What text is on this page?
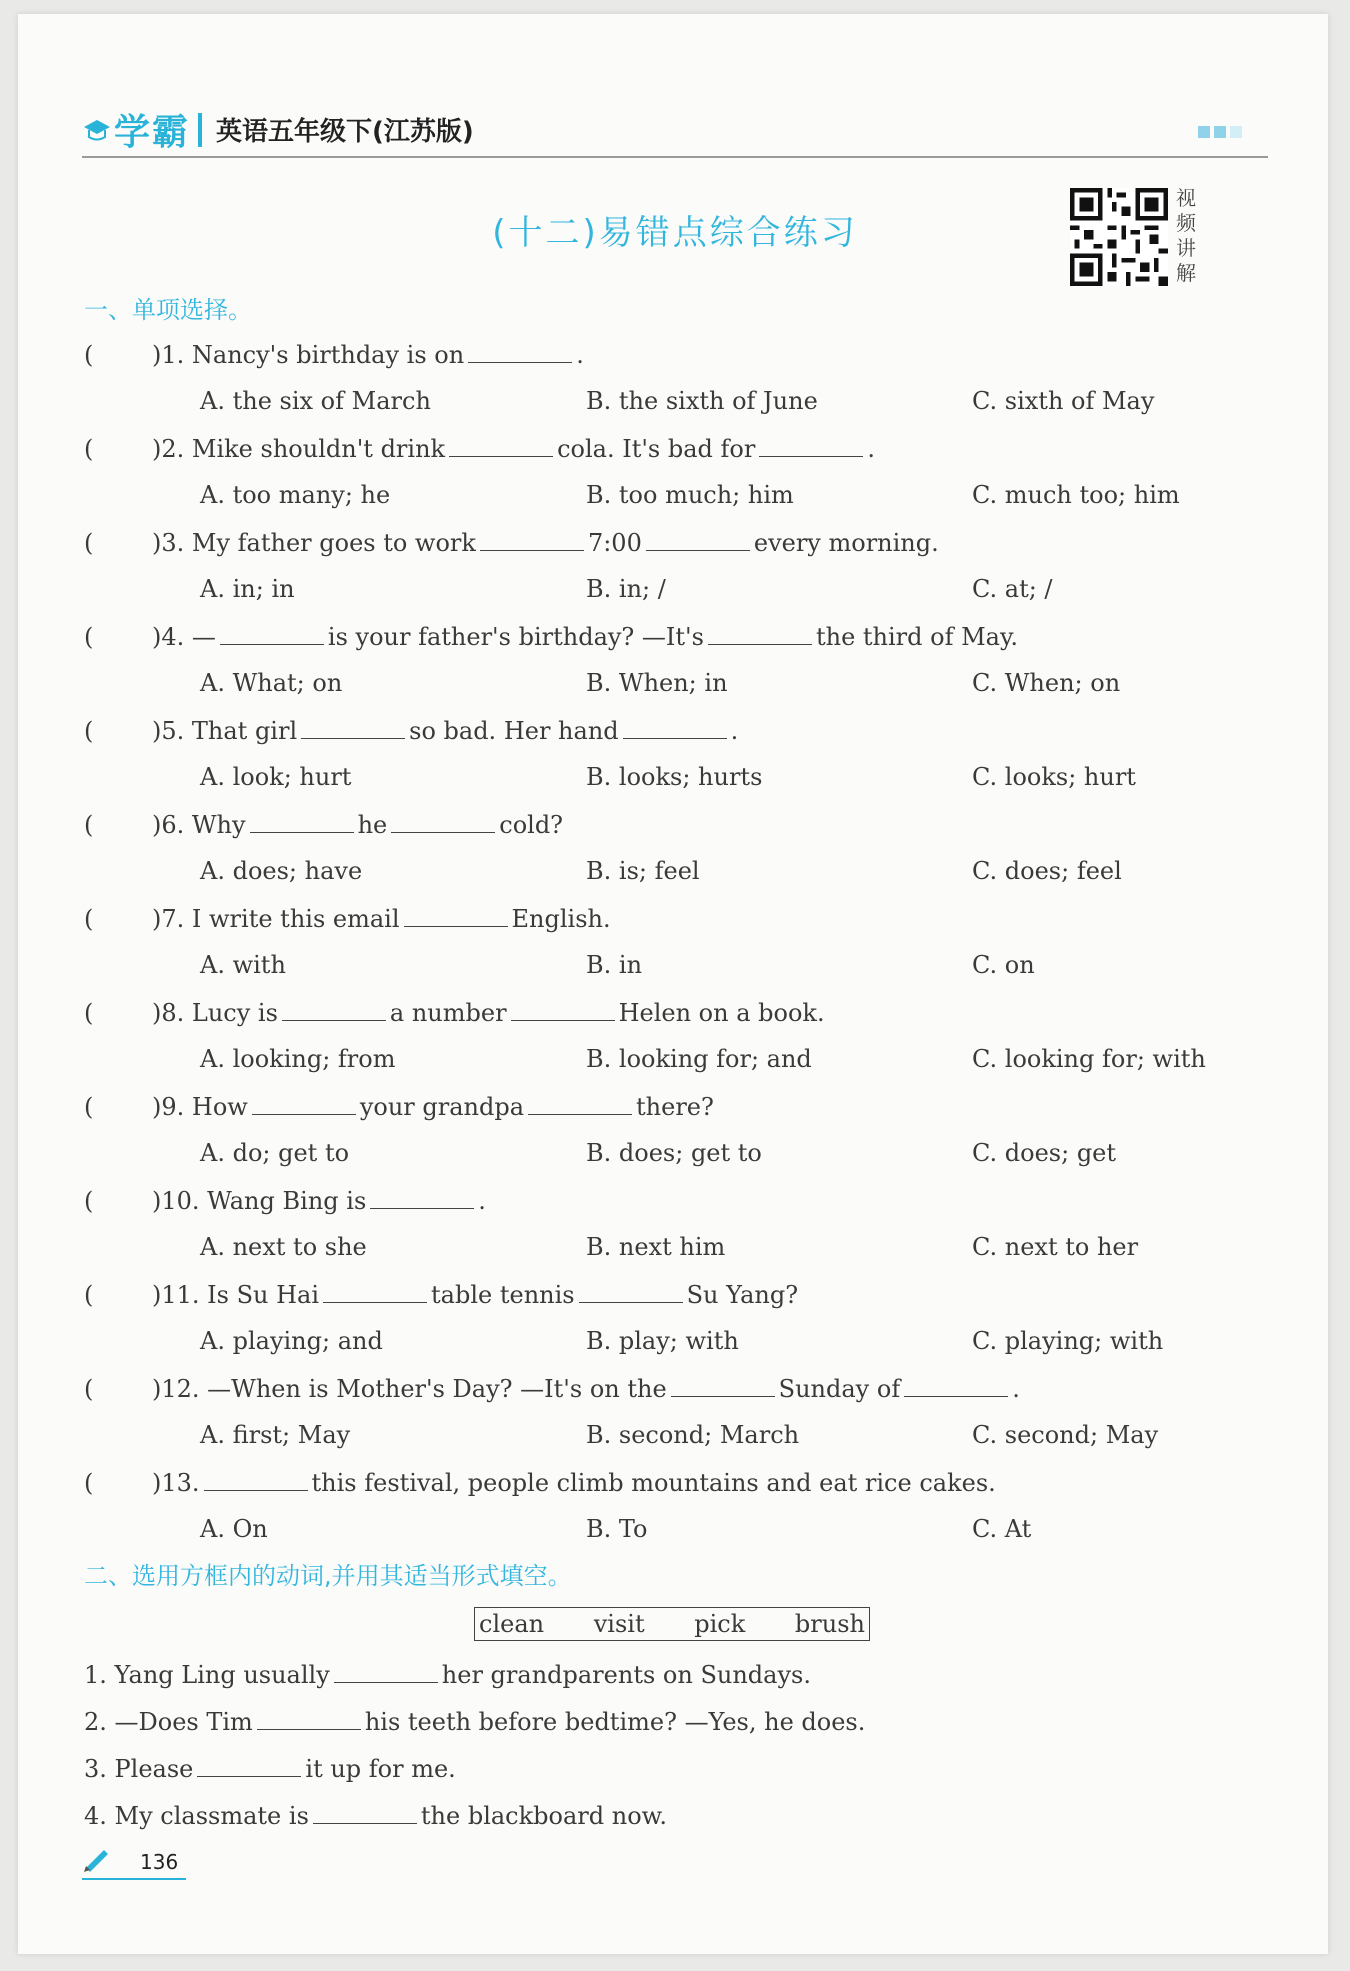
学霸 英语五年级下(江苏版)
(十二)易错点综合练习
视
频
讲
解
一、单项选择。
( )1. Nancy's birthday is on	.
A. the six of March	B. the sixth of June	C. sixth of May
( )2. Mike shouldn't drink	cola. It's bad for	.
A. too many; he	B. too much; him	C. much too; him
( )3. My father goes to work	7:00	every morning.
A. in; in	B. in; /	C. at; /
( )4. —	is your father's birthday? —It's	the third of May.
A. What; on	B. When; in	C. When; on
( )5. That girl	so bad. Her hand	.
A. look; hurt	B. looks; hurts	C. looks; hurt
( )6. Why	he	cold?
A. does; have	B. is; feel	C. does; feel
( )7. I write this email	English.
A. with	B. in	C. on
( )8. Lucy is	a number	Helen on a book.
A. looking; from	B. looking for; and	C. looking for; with
( )9. How	your grandpa	there?
A. do; get to	B. does; get to	C. does; get
( )10. Wang Bing is	.
A. next to she	B. next him	C. next to her
( )11. Is Su Hai	table tennis	Su Yang?
A. playing; and	B. play; with	C. playing; with
( )12. —When is Mother's Day? —It's on the	Sunday of	.
A. first; May	B. second; March	C. second; May
( )13.	this festival, people climb mountains and eat rice cakes.
A. On	B. To	C. At
二、选用方框内的动词,并用其适当形式填空。
clean visit pick brush
1. Yang Ling usually	her grandparents on Sundays.
2. —Does Tim	his teeth before bedtime? —Yes, he does.
3. Please	it up for me.
4. My classmate is	the blackboard now.
136
